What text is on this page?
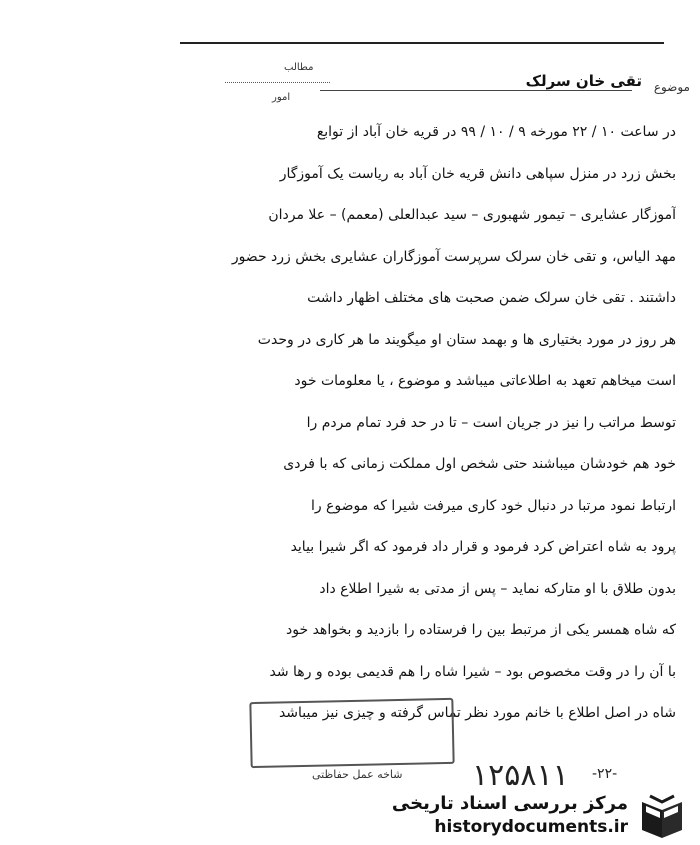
موضوع
تقی خان سرلک
مطالب
امور
در ساعت ۱۰ / ۲۲ مورخه ۹ / ۱۰ / ۹۹ در قریه خان آباد از توابع
بخش زرد در منزل سپاهی دانش قریه خان آباد به ریاست یک آموزگار
آموزگار عشایری – تیمور شهبوری – سید عبدالعلی (معمم) – علا مردان
مهد الیاس، و تقی خان سرلک سرپرست آموزگاران عشایری بخش زرد حضور
داشتند . تقی خان سرلک ضمن صحبت های مختلف اظهار داشت
هر روز در مورد بختیاری ها و بهمد ستان او میگویند ما هر کاری در وحدت
است میخاهم تعهد به اطلاعاتی میباشد و موضوع ، یا معلومات خود
توسط مراتب را نیز در جریان است – تا در حد فرد تمام مردم را
خود هم خودشان میباشند حتی شخص اول مملکت زمانی که با فردی
ارتباط نمود مرتبا در دنبال خود کاری میرفت شیرا که موضوع را
پرود به شاه اعتراض کرد فرمود و قرار داد فرمود که اگر شیرا بیاید
بدون طلاق با او متارکه نماید – پس از مدتی به شیرا اطلاع داد
که شاه همسر یکی از مرتبط بین را فرستاده را بازدید و بخواهد خود
با آن را در وقت مخصوص بود – شیرا شاه را هم قدیمی بوده و رها شد
شاه در اصل اطلاع با خانم مورد نظر تماس گرفته و چیزی نیز میباشد
شاخه عمل حفاظتی ۱۲۵۸۱۱ -۲۲-
مرکز بررسی اسناد تاریخی
historydocuments.ir
